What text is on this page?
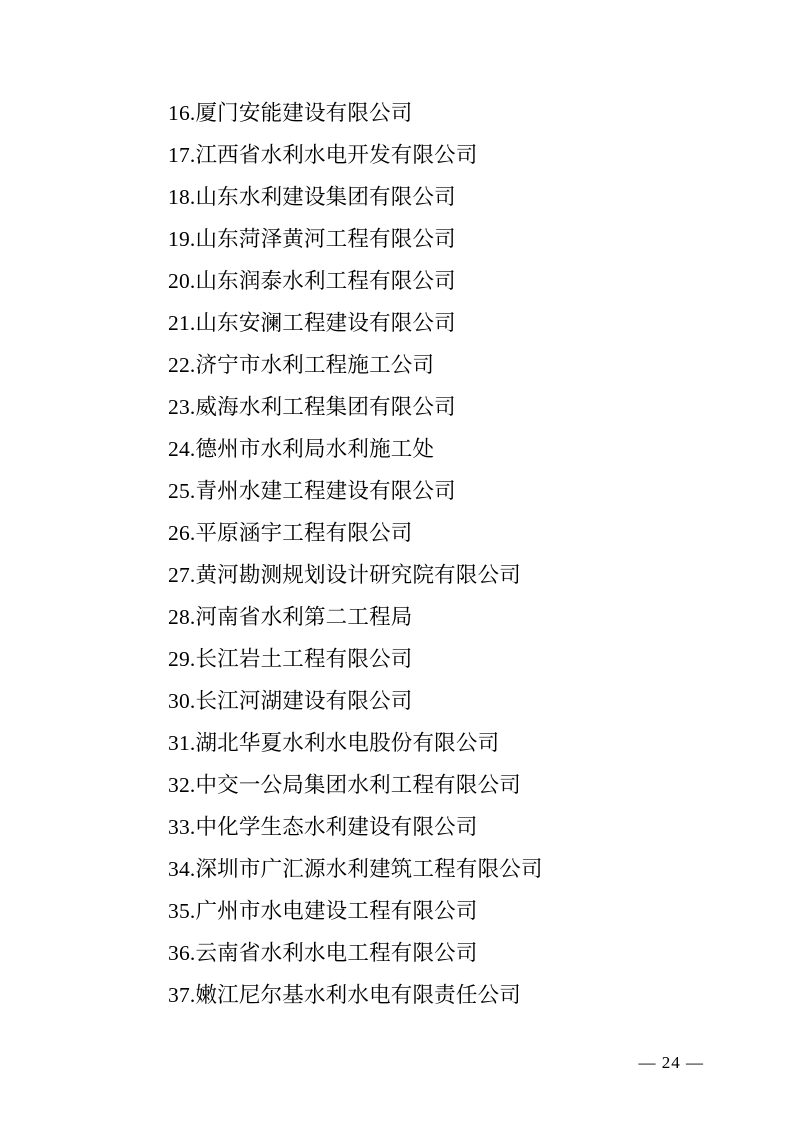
16.厦门安能建设有限公司
17.江西省水利水电开发有限公司
18.山东水利建设集团有限公司
19.山东菏泽黄河工程有限公司
20.山东润泰水利工程有限公司
21.山东安澜工程建设有限公司
22.济宁市水利工程施工公司
23.威海水利工程集团有限公司
24.德州市水利局水利施工处
25.青州水建工程建设有限公司
26.平原涵宇工程有限公司
27.黄河勘测规划设计研究院有限公司
28.河南省水利第二工程局
29.长江岩土工程有限公司
30.长江河湖建设有限公司
31.湖北华夏水利水电股份有限公司
32.中交一公局集团水利工程有限公司
33.中化学生态水利建设有限公司
34.深圳市广汇源水利建筑工程有限公司
35.广州市水电建设工程有限公司
36.云南省水利水电工程有限公司
37.嫩江尼尔基水利水电有限责任公司
— 24 —
